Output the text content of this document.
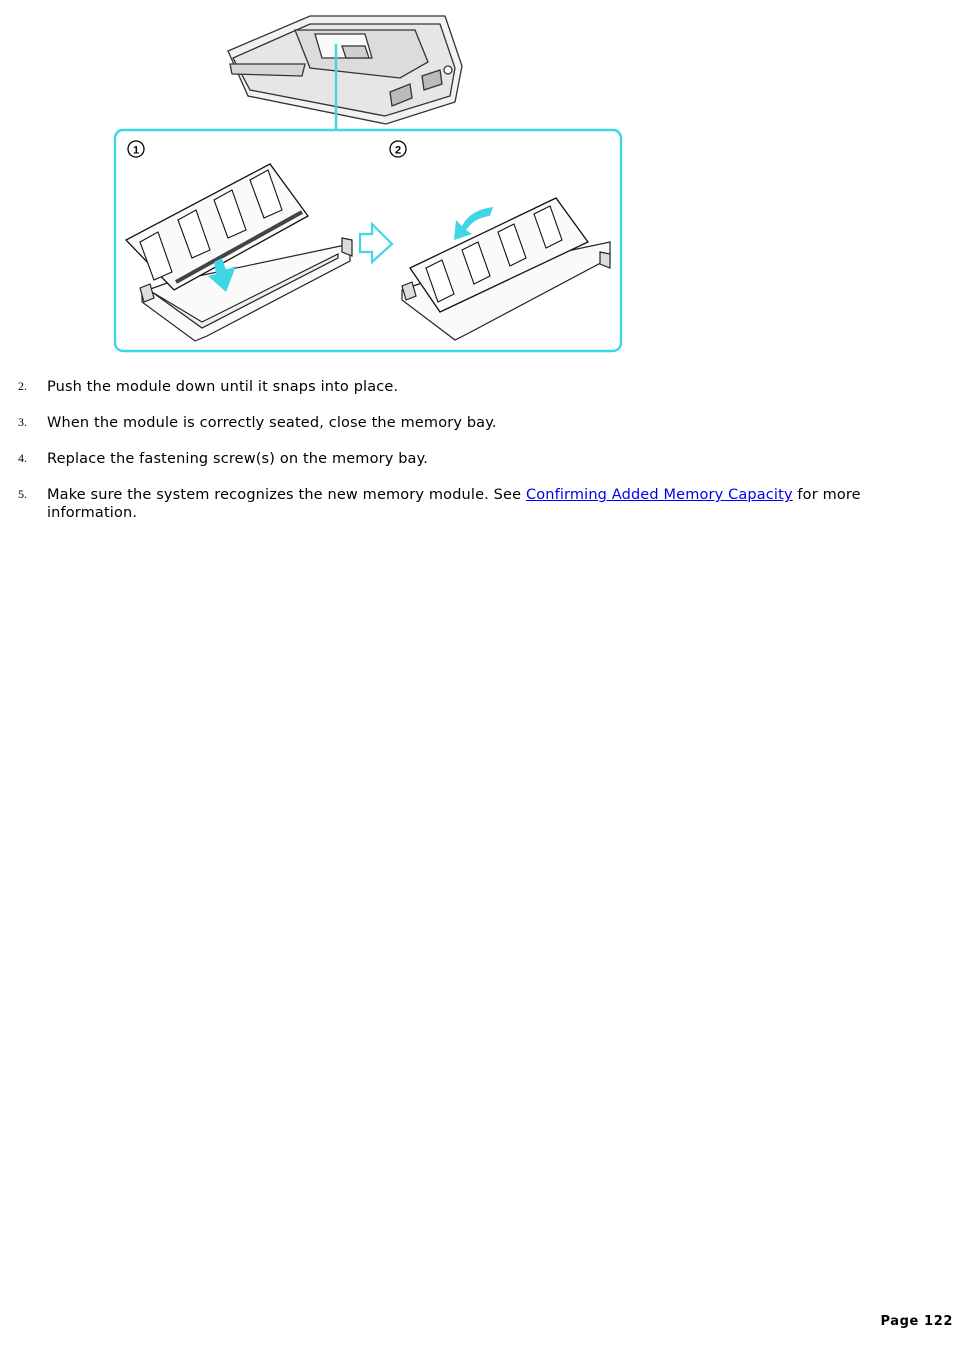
1	2
2. Push the module down until it snaps into place.
3. When the module is correctly seated, close the memory bay.
4. Replace the fastening screw(s) on the memory bay.
5. Make sure the system recognizes the new memory module. See Confirming Added Memory Capacity for more information.
Page 122
